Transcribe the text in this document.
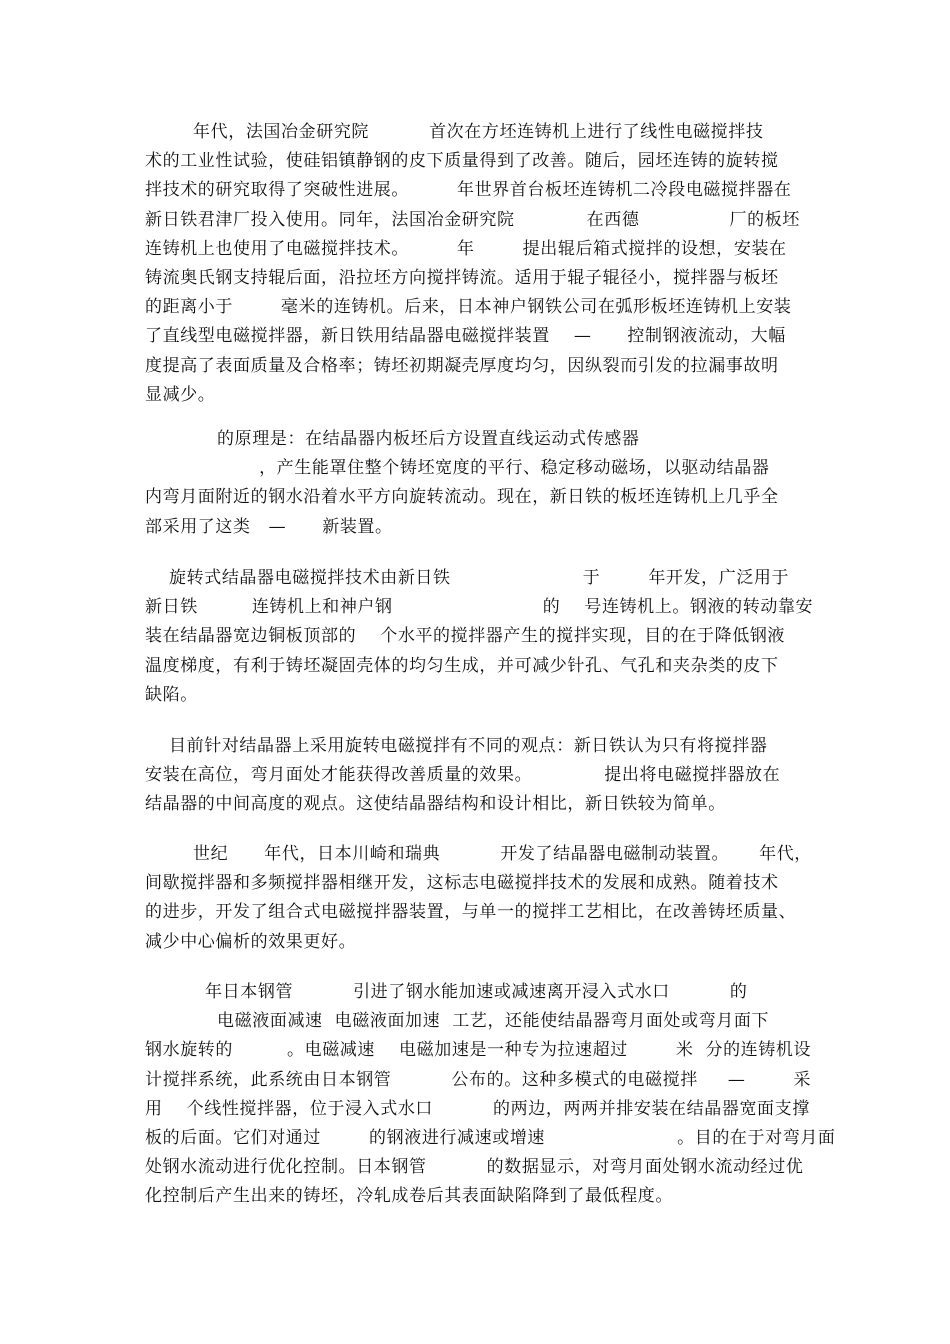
年代，法国冶金研究院          首次在方坯连铸机上进行了线性电磁搅拌技
术的工业性试验，使硅铝镇静钢的皮下质量得到了改善。随后，园坯连铸的旋转搅
拌技术的研究取得了突破性进展。        年世界首台板坯连铸机二冷段电磁搅拌器在
新日铁君津厂投入使用。同年，法国冶金研究院            在西德               厂的板坯
连铸机上也使用了电磁搅拌技术。        年        提出辊后箱式搅拌的设想，安装在
铸流奥氏钢支持辊后面，沿拉坯方向搅拌铸流。适用于辊子辊径小，搅拌器与板坯
的距离小于        毫米的连铸机。后来，日本神户钢铁公司在弧形板坯连铸机上安装
了直线型电磁搅拌器，新日铁用结晶器电磁搅拌装置    —      控制钢液流动，大幅
度提高了表面质量及合格率；铸坯初期凝壳厚度均匀，因纵裂而引发的拉漏事故明
显减少。
的原理是：在结晶器内板坯后方设置直线运动式传感器
，产生能罩住整个铸坯宽度的平行、稳定移动磁场，以驱动结晶器
内弯月面附近的钢水沿着水平方向旋转流动。现在，新日铁的板坯连铸机上几乎全
部采用了这类   —      新装置。
旋转式结晶器电磁搅拌技术由新日铁                      于        年开发，广泛用于
新日铁         连铸机上和神户钢                         的    号连铸机上。钢液的转动靠安
装在结晶器宽边铜板顶部的    个水平的搅拌器产生的搅拌实现，目的在于降低钢液
温度梯度，有利于铸坯凝固壳体的均匀生成，并可减少针孔、气孔和夹杂类的皮下
缺陷。
目前针对结晶器上采用旋转电磁搅拌有不同的观点：新日铁认为只有将搅拌器
安装在高位，弯月面处才能获得改善质量的效果。            提出将电磁搅拌器放在
结晶器的中间高度的观点。这使结晶器结构和设计相比，新日铁较为简单。
世纪      年代，日本川崎和瑞典          开发了结晶器电磁制动装置。     年代，
间歇搅拌器和多频搅拌器相继开发，这标志电磁搅拌技术的发展和成熟。随着技术
的进步，开发了组合式电磁搅拌器装置，与单一的搅拌工艺相比，在改善铸坯质量、
减少中心偏析的效果更好。
年日本钢管          引进了钢水能加速或减速离开浸入式水口          的
电磁液面减速  电磁液面加速  工艺，还能使结晶器弯月面处或弯月面下
钢水旋转的         。电磁减速    电磁加速是一种专为拉速超过        米  分的连铸机设
计搅拌系统，此系统由日本钢管          公布的。这种多模式的电磁搅拌     —        采
用    个线性搅拌器，位于浸入式水口          的两边，两两并排安装在结晶器宽面支撑
板的后面。它们对通过        的钢液进行减速或增速                      。目的在于对弯月面
处钢水流动进行优化控制。日本钢管          的数据显示，对弯月面处钢水流动经过优
化控制后产生出来的铸坯，冷轧成卷后其表面缺陷降到了最低程度。
